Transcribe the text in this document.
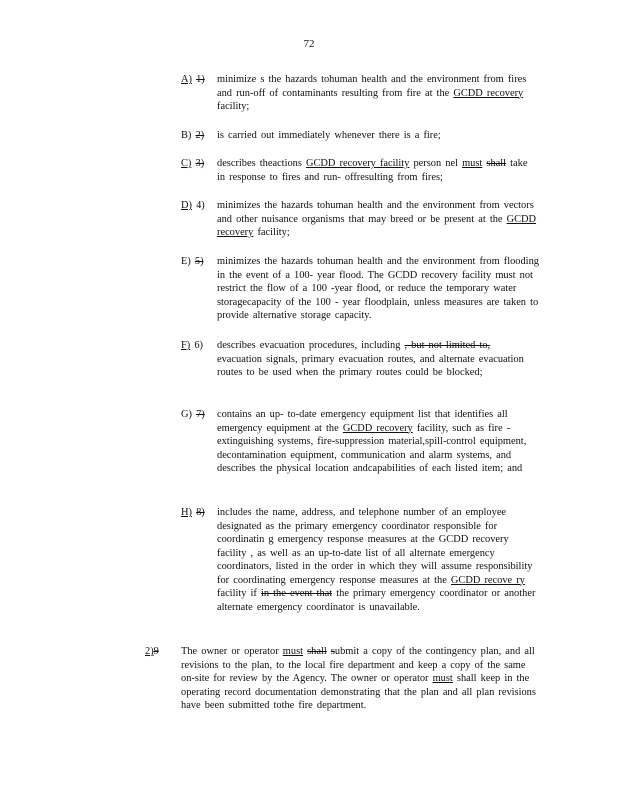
72
A) 1) minimize s the hazards tohuman health and the environment from fires and run-off of contaminants resulting from fire at the GCDD recovery facility;
B) 2) is carried out immediately whenever there is a fire;
C) 3) describes theactions GCDD recovery facility person nel must shall take in response to fires and run- offresulting from fires;
D) 4) minimizes the hazards tohuman health and the environment from vectors and other nuisance organisms that may breed or be present at the GCDD recovery facility;
E) 5)	minimizes the hazards tohuman health and the environment from flooding in the event of a 100- year flood. The GCDD recovery facility must not restrict the flow of a 100 -year flood, or reduce the temporary water storagecapacity of the 100 - year floodplain, unless measures are taken to provide alternative storage capacity.
F) 6) describes evacuation procedures, including , but not limited to, evacuation signals, primary evacuation routes, and alternate evacuation routes to be used when the primary routes could be blocked;
G) 7)	contains an up- to-date emergency equipment list that identifies all emergency equipment at the GCDD recovery facility, such as fire - extinguishing systems, fire-suppression material,spill-control equipment, decontamination equipment, communication and alarm systems, and describes the physical location andcapabilities of each listed item; and
H) 8)	includes the name, address, and telephone number of an employee designated as the primary emergency coordinator responsible for coordinatin g emergency response measures at the GCDD recovery facility , as well as an up-to-date list of all alternate emergency coordinators, listed in the order in which they will assume responsibility for coordinating emergency response measures at the GCDD recove ry facility if in the event that the primary emergency coordinator or another alternate emergency coordinator is unavailable.
2)9 The owner or operator must shall submit a copy of the contingency plan, and all revisions to the plan, to the local fire department and keep a copy of the same on-site for review by the Agency. The owner or operator must shall keep in the operating record documentation demonstrating that the plan and all plan revisions have been submitted tothe fire department.
